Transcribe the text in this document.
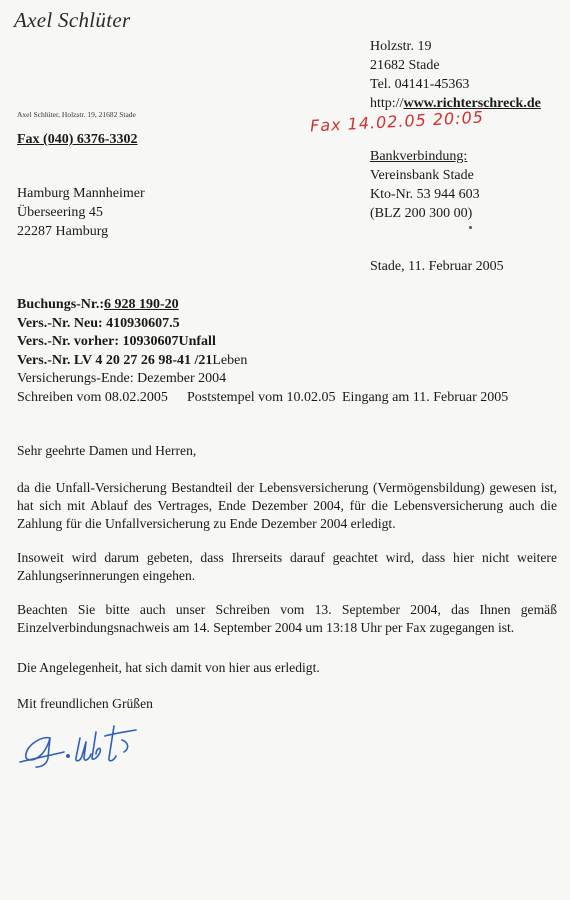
Axel Schlüter
Holzstr. 19
21682 Stade
Tel. 04141-45363
http://www.richterschreck.de
Fax 14.02.05 20:05
Axel Schlüter, Holzstr. 19, 21682 Stade
Fax (040) 6376-3302
Bankverbindung:
Vereinsbank Stade
Kto-Nr. 53 944 603
(BLZ 200 300 00)
Hamburg Mannheimer
Überseering 45
22287 Hamburg
Stade, 11. Februar 2005
Buchungs-Nr.:6 928 190-20
Vers.-Nr. Neu: 410930607.5
Vers.-Nr. vorher: 10930607Unfall
Vers.-Nr. LV 4 20 27 26 98-41 /21Leben
Versicherungs-Ende: Dezember 2004
Schreiben vom 08.02.2005 Poststempel vom 10.02.05 Eingang am 11. Februar 2005
Sehr geehrte Damen und Herren,
da die Unfall-Versicherung Bestandteil der Lebensversicherung (Vermögensbildung) gewesen ist, hat sich mit Ablauf des Vertrages, Ende Dezember 2004, für die Lebensversicherung auch die Zahlung für die Unfallversicherung zu Ende Dezember 2004 erledigt.
Insoweit wird darum gebeten, dass Ihrerseits darauf geachtet wird, dass hier nicht weitere Zahlungserinnerungen eingehen.
Beachten Sie bitte auch unser Schreiben vom 13. September 2004, das Ihnen gemäß Einzelverbindungsnachweis am 14. September 2004 um 13:18 Uhr per Fax zugegangen ist.
Die Angelegenheit, hat sich damit von hier aus erledigt.
Mit freundlichen Grüßen
